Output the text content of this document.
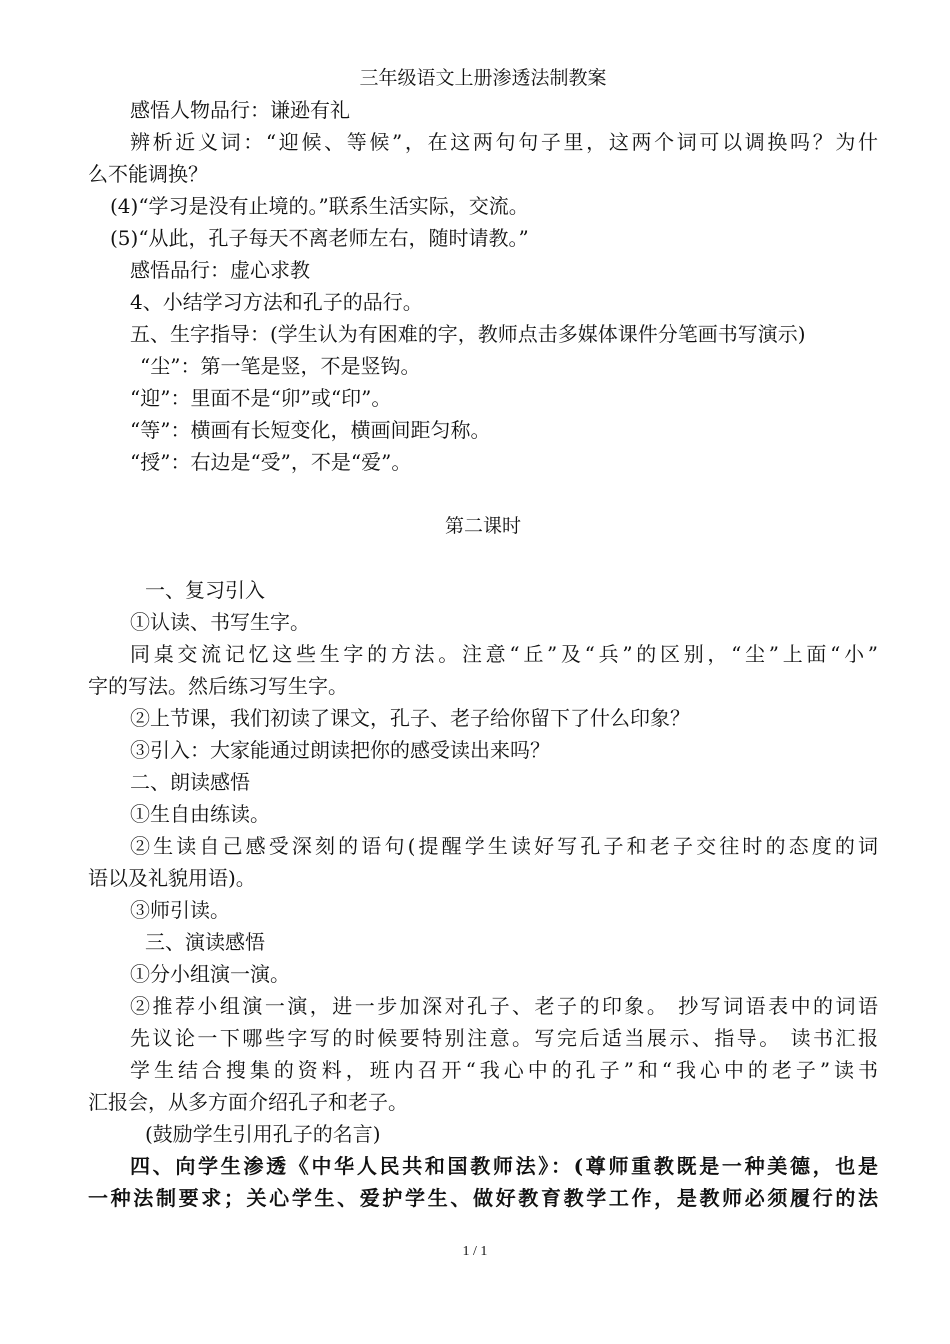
三年级语文上册渗透法制教案

感悟人物品行：谦逊有礼

辨析近义词：“迎候、等候”，在这两句句子里，这两个词可以调换吗？为什

么不能调换？

(4)“学习是没有止境的。”联系生活实际，交流。

(5)“从此，孔子每天不离老师左右，随时请教。”

感悟品行：虚心求教

4、小结学习方法和孔子的品行。

五、生字指导：(学生认为有困难的字，教师点击多媒体课件分笔画书写演示)

“尘”：第一笔是竖，不是竖钩。

“迎”：里面不是“卯”或“印”。

“等”：横画有长短变化，横画间距匀称。

“授”：右边是“受”，不是“爱”。

第二课时

一、复习引入

①认读、书写生字。

同桌交流记忆这些生字的方法。注意“丘”及“兵”的区别，“尘”上面“小”

字的写法。然后练习写生字。

②上节课，我们初读了课文，孔子、老子给你留下了什么印象？

③引入：大家能通过朗读把你的感受读出来吗？

二、朗读感悟

①生自由练读。

②生读自己感受深刻的语句(提醒学生读好写孔子和老子交往时的态度的词

语以及礼貌用语)。

③师引读。

三、演读感悟

①分小组演一演。

②推荐小组演一演，进一步加深对孔子、老子的印象。 抄写词语表中的词语

先议论一下哪些字写的时候要特别注意。写完后适当展示、指导。 读书汇报

学生结合搜集的资料，班内召开“我心中的孔子”和“我心中的老子”读书

汇报会，从多方面介绍孔子和老子。

(鼓励学生引用孔子的名言)

四、向学生渗透《中华人民共和国教师法》：(尊师重教既是一种美德，也是

一种法制要求；关心学生、爱护学生、做好教育教学工作，是教师必须履行的法

1 / 1
